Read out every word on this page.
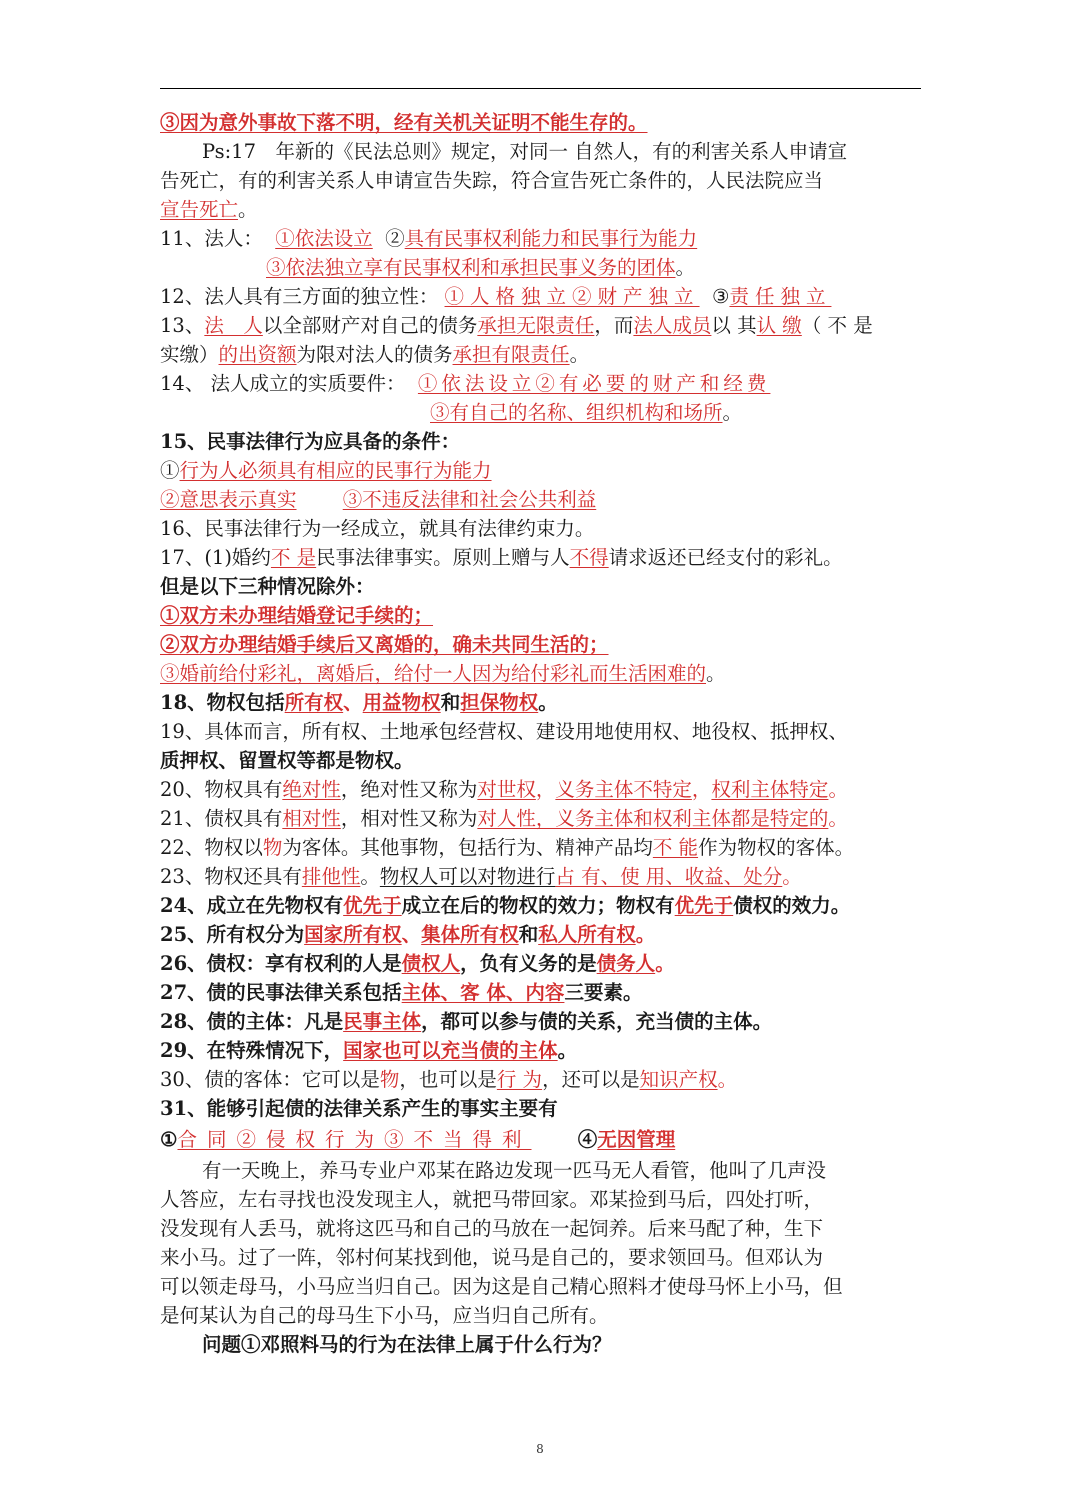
③因为意外事故下落不明，经有关机关证明不能生存的。
Ps:17　年新的《民法总则》规定，对同一 自然人，有的利害关系人申请宣
告死亡，有的利害关系人申请宣告失踪，符合宣告死亡条件的，人民法院应当
宣告死亡。
11、法人： ①依法设立 ②具有民事权利能力和民事行为能力
③依法独立享有民事权利和承担民事义务的团体。
12、法人具有三方面的独立性： ①人格独立②财产独立 ③责任独立
13、法　人以全部财产对自己的债务承担无限责任，而法人成员以 其认 缴（ 不 是
实缴）的出资额为限对法人的债务承担有限责任。
14、 法人成立的实质要件： ①依法设立②有必要的财产和经费
③有自己的名称、组织机构和场所。
15、民事法律行为应具备的条件：
①行为人必须具有相应的民事行为能力
②意思表示真实 ③不违反法律和社会公共利益
16、民事法律行为一经成立，就具有法律约束力。
17、(1)婚约不 是民事法律事实。原则上赠与人不得请求返还已经支付的彩礼。
但是以下三种情况除外：
①双方未办理结婚登记手续的；
②双方办理结婚手续后又离婚的，确未共同生活的；
③婚前给付彩礼，离婚后，给付一人因为给付彩礼而生活困难的。
18、物权包括所有权、用益物权和担保物权。
19、具体而言，所有权、土地承包经营权、建设用地使用权、地役权、抵押权、
质押权、留置权等都是物权。
20、物权具有绝对性，绝对性又称为对世权，义务主体不特定，权利主体特定。
21、债权具有相对性，相对性又称为对人性，义务主体和权利主体都是特定的。
22、物权以物为客体。其他事物，包括行为、精神产品均不 能作为物权的客体。
23、物权还具有排他性。物权人可以对物进行占 有、使 用、收益、处分。
24、成立在先物权有优先于成立在后的物权的效力；物权有优先于债权的效力。
25、所有权分为国家所有权、集体所有权和私人所有权。
26、债权：享有权利的人是债权人，负有义务的是债务人。
27、债的民事法律关系包括主体、客 体、内容三要素。
28、债的主体：凡是民事主体，都可以参与债的关系，充当债的主体。
29、在特殊情况下，国家也可以充当债的主体。
30、债的客体：它可以是物，也可以是行 为，还可以是知识产权。
31、能够引起债的法律关系产生的事实主要有
①合同②侵权行为③不当得利 ④无因管理
有一天晚上，养马专业户邓某在路边发现一匹马无人看管，他叫了几声没
人答应，左右寻找也没发现主人，就把马带回家。邓某捡到马后，四处打听，
没发现有人丢马，就将这匹马和自己的马放在一起饲养。后来马配了种，生下
来小马。过了一阵，邻村何某找到他，说马是自己的，要求领回马。但邓认为
可以领走母马，小马应当归自己。因为这是自己精心照料才使母马怀上小马，但
是何某认为自己的母马生下小马，应当归自己所有。
问题①邓照料马的行为在法律上属于什么行为？
8
